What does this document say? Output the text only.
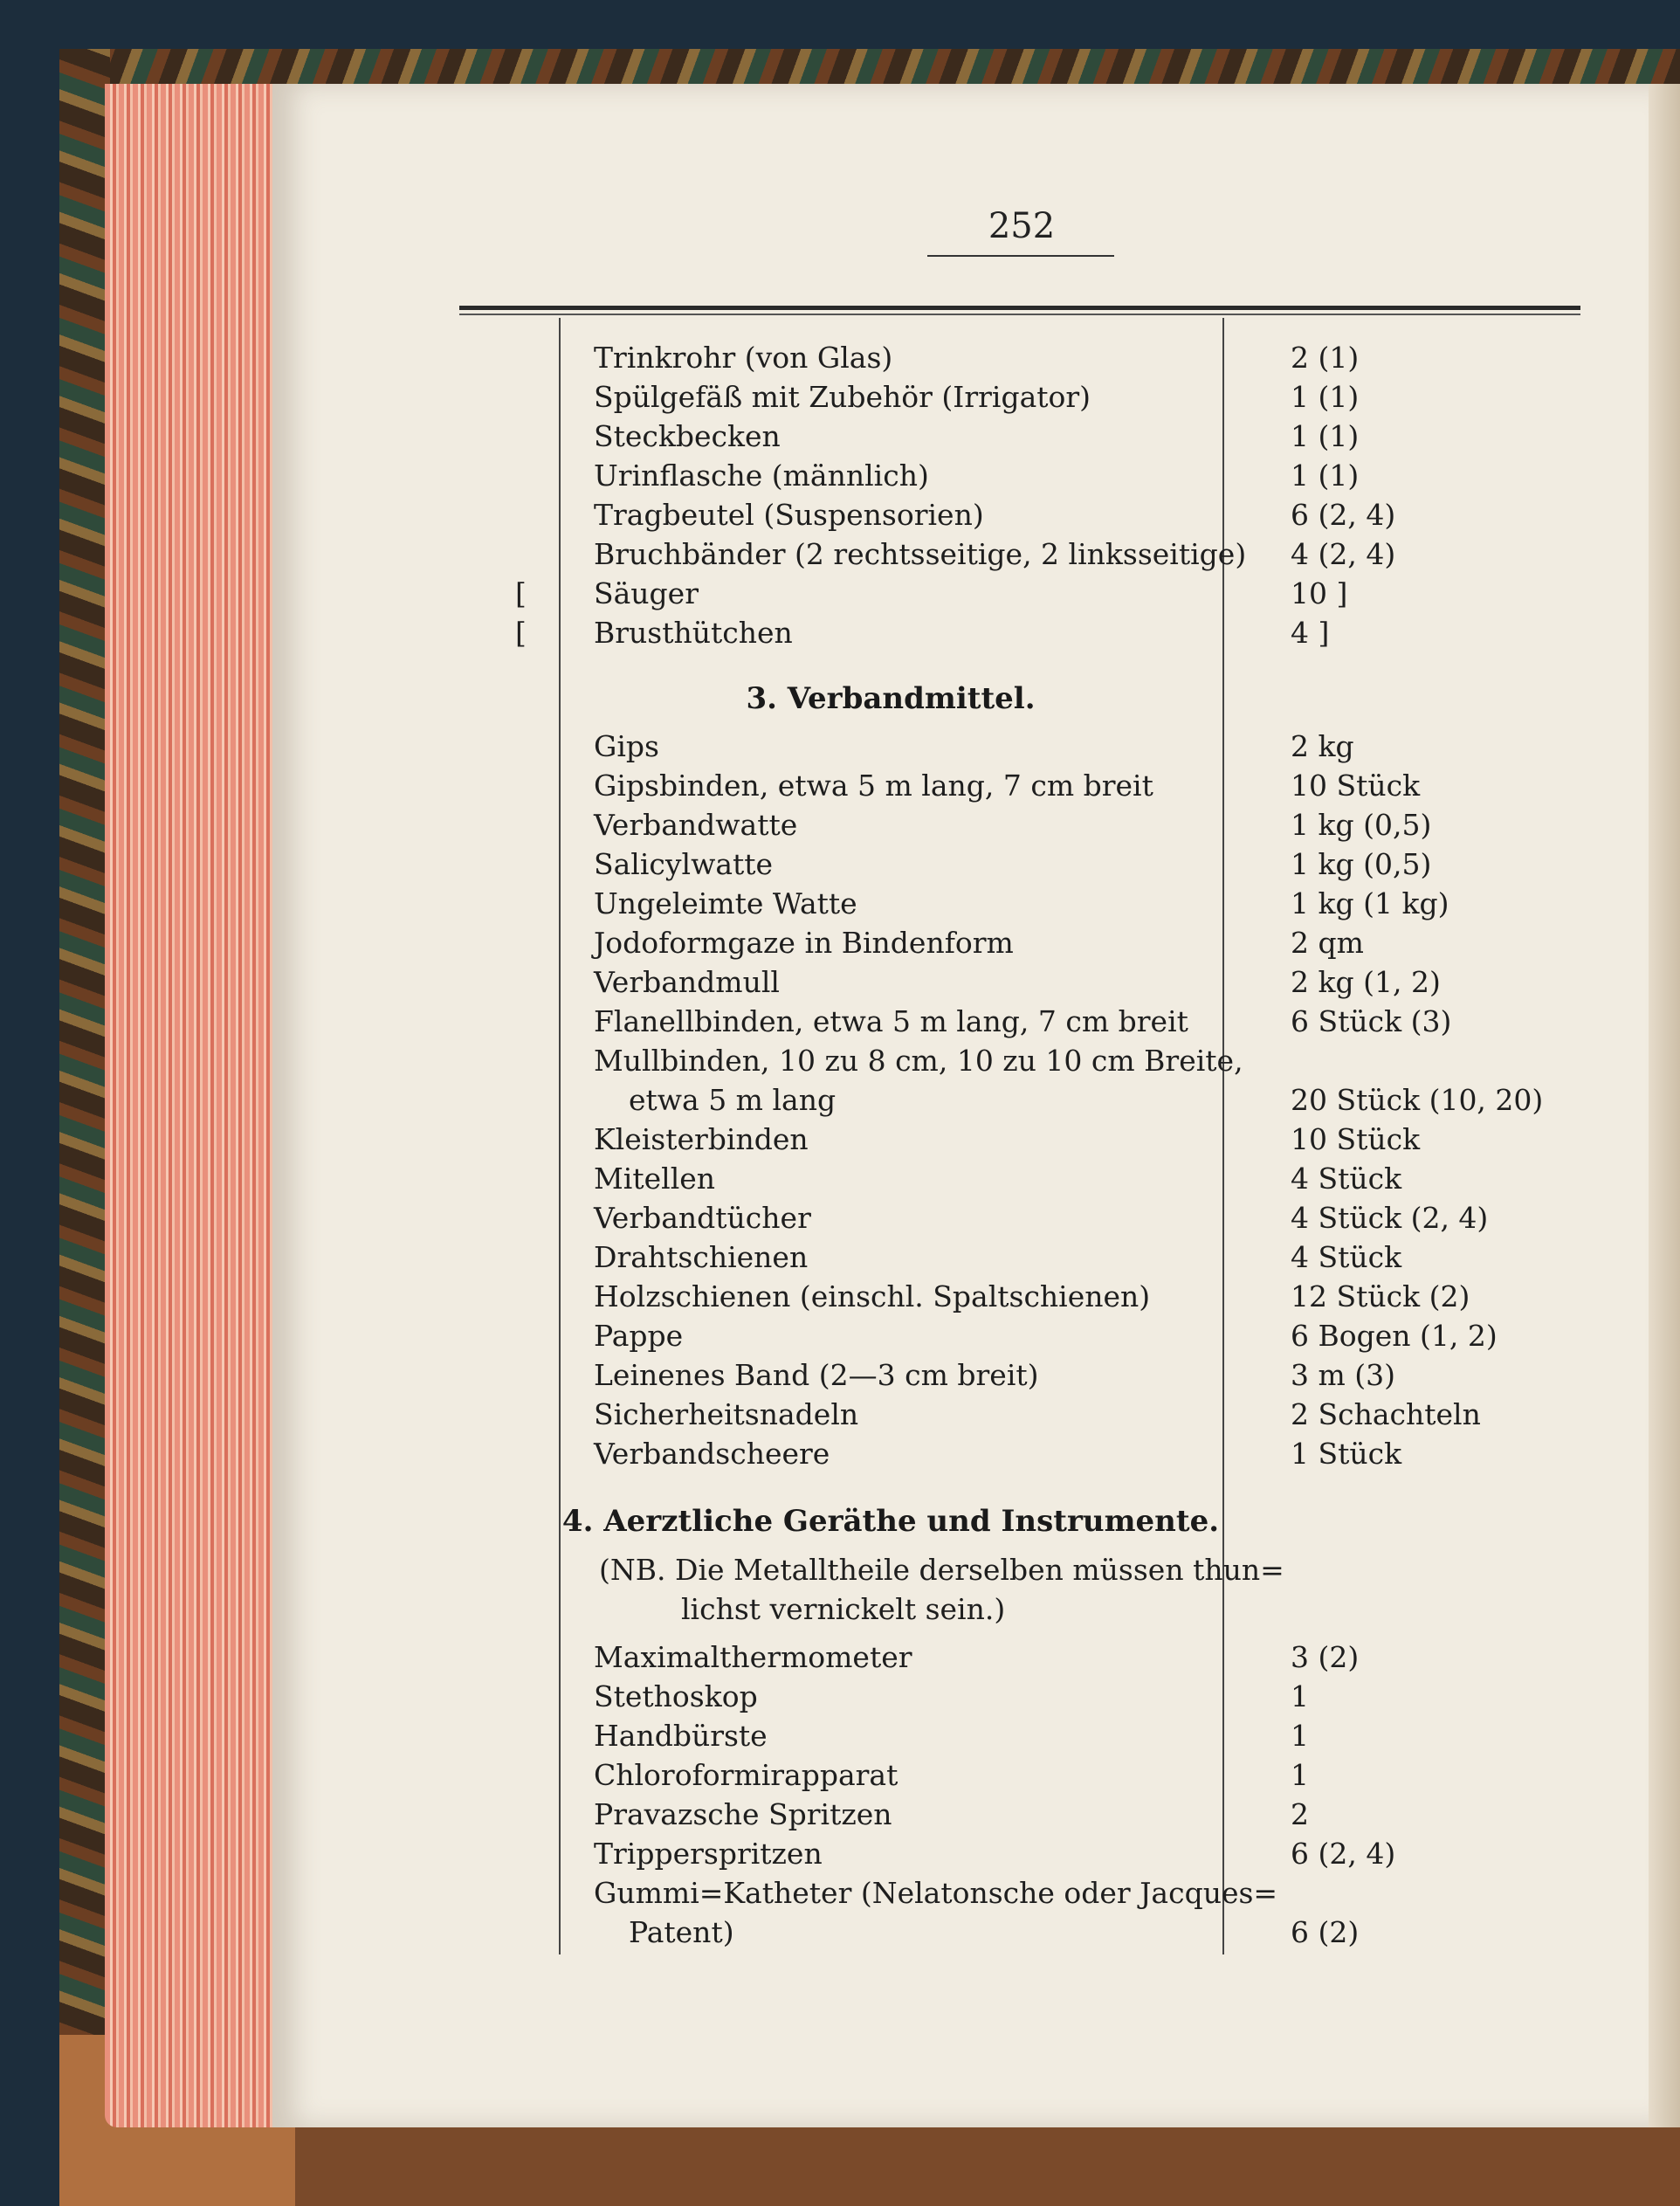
252
Trinkrohr (von Glas)	2 (1)
Spülgefäß mit Zubehör (Irrigator)	1 (1)
Steckbecken	1 (1)
Urinflasche (männlich)	1 (1)
Tragbeutel (Suspensorien)	6 (2, 4)
Bruchbänder (2 rechtsseitige, 2 linksseitige) 4 (2, 4)
[ Säuger	10 ]
[ Brusthütchen	4 ]
3. Verbandmittel.
Gips	2 kg
Gipsbinden, etwa 5 m lang, 7 cm breit	10 Stück
Verbandwatte	1 kg (0,5)
Salicylwatte	1 kg (0,5)
Ungeleimte Watte	1 kg (1 kg)
Jodoformgaze in Bindenform	2 qm
Verbandmull	2 kg (1, 2)
Flanellbinden, etwa 5 m lang, 7 cm breit	6 Stück (3)
Mullbinden, 10 zu 8 cm, 10 zu 10 cm Breite,
etwa 5 m lang	20 Stück (10, 20)
Kleisterbinden	10 Stück
Mitellen	4 Stück
Verbandtücher	4 Stück (2, 4)
Drahtschienen	4 Stück
Holzschienen (einschl. Spaltschienen)	12 Stück (2)
Pappe	6 Bogen (1, 2)
Leinenes Band (2—3 cm breit)	3 m (3)
Sicherheitsnadeln	2 Schachteln
Verbandscheere	1 Stück
4. Aerztliche Geräthe und Instrumente.
(NB. Die Metalltheile derselben müssen thun=
lichst vernickelt sein.)
Maximalthermometer	3 (2)
Stethoskop	1
Handbürste	1
Chloroformirapparat	1
Pravazsche Spritzen	2
Tripperspritzen	6 (2, 4)
Gummi=Katheter (Nelatonsche oder Jacques=
Patent)	6 (2)
